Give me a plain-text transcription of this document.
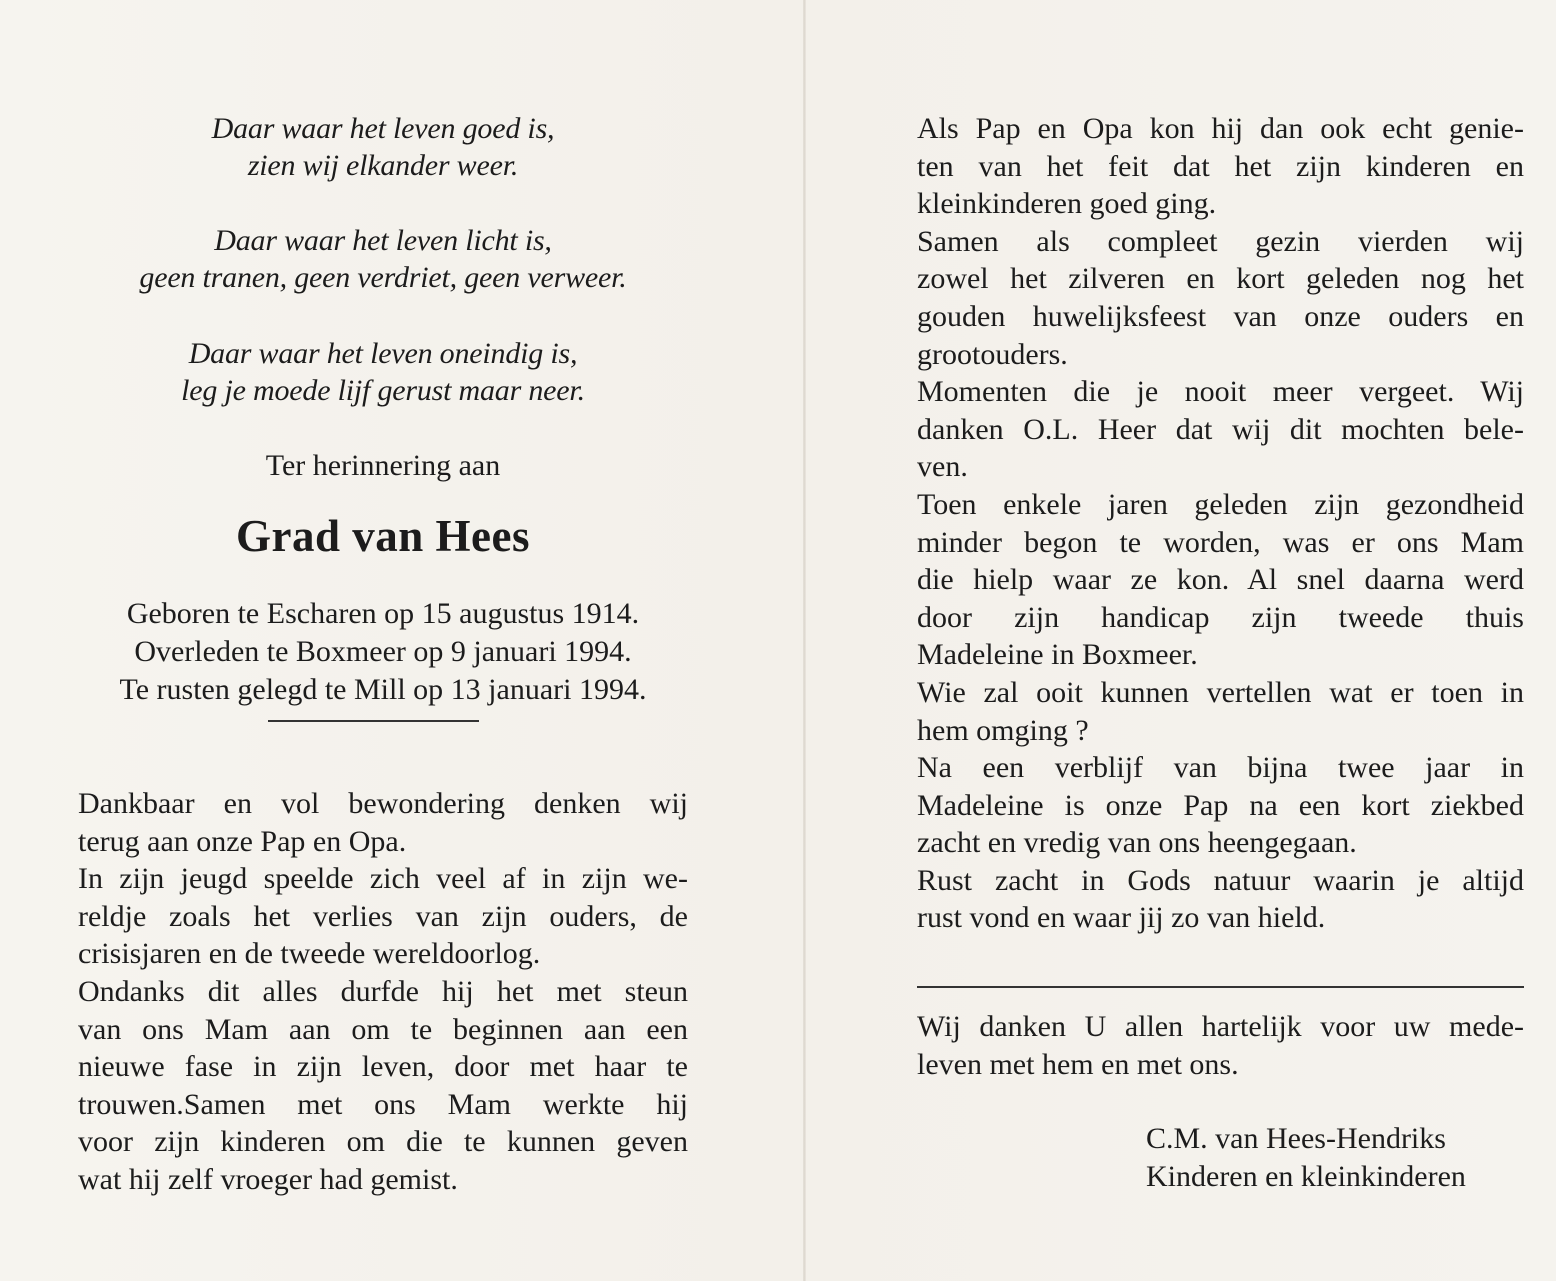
Daar waar het leven goed is,
zien wij elkander weer.

Daar waar het leven licht is,
geen tranen, geen verdriet, geen verweer.

Daar waar het leven oneindig is,
leg je moede lijf gerust maar neer.

Ter herinnering aan
Grad van Hees
Geboren te Escharen op 15 augustus 1914.
Overleden te Boxmeer op 9 januari 1994.
Te rusten gelegd te Mill op 13 januari 1994.
Dankbaar en vol bewondering denken wij
terug aan onze Pap en Opa.
In zijn jeugd speelde zich veel af in zijn we-
reldje zoals het verlies van zijn ouders, de
crisisjaren en de tweede wereldoorlog.
Ondanks dit alles durfde hij het met steun
van ons Mam aan om te beginnen aan een
nieuwe fase in zijn leven, door met haar te
trouwen.Samen met ons Mam werkte hij
voor zijn kinderen om die te kunnen geven
wat hij zelf vroeger had gemist.
Als Pap en Opa kon hij dan ook echt genie-
ten van het feit dat het zijn kinderen en
kleinkinderen goed ging.
Samen als compleet gezin vierden wij
zowel het zilveren en kort geleden nog het
gouden huwelijksfeest van onze ouders en
grootouders.
Momenten die je nooit meer vergeet. Wij
danken O.L. Heer dat wij dit mochten bele-
ven.
Toen enkele jaren geleden zijn gezondheid
minder begon te worden, was er ons Mam
die hielp waar ze kon. Al snel daarna werd
door zijn handicap zijn tweede thuis
Madeleine in Boxmeer.
Wie zal ooit kunnen vertellen wat er toen in
hem omging ?
Na een verblijf van bijna twee jaar in
Madeleine is onze Pap na een kort ziekbed
zacht en vredig van ons heengegaan.
Rust zacht in Gods natuur waarin je altijd
rust vond en waar jij zo van hield.
Wij danken U allen hartelijk voor uw mede-
leven met hem en met ons.
C.M. van Hees-Hendriks
Kinderen en kleinkinderen
